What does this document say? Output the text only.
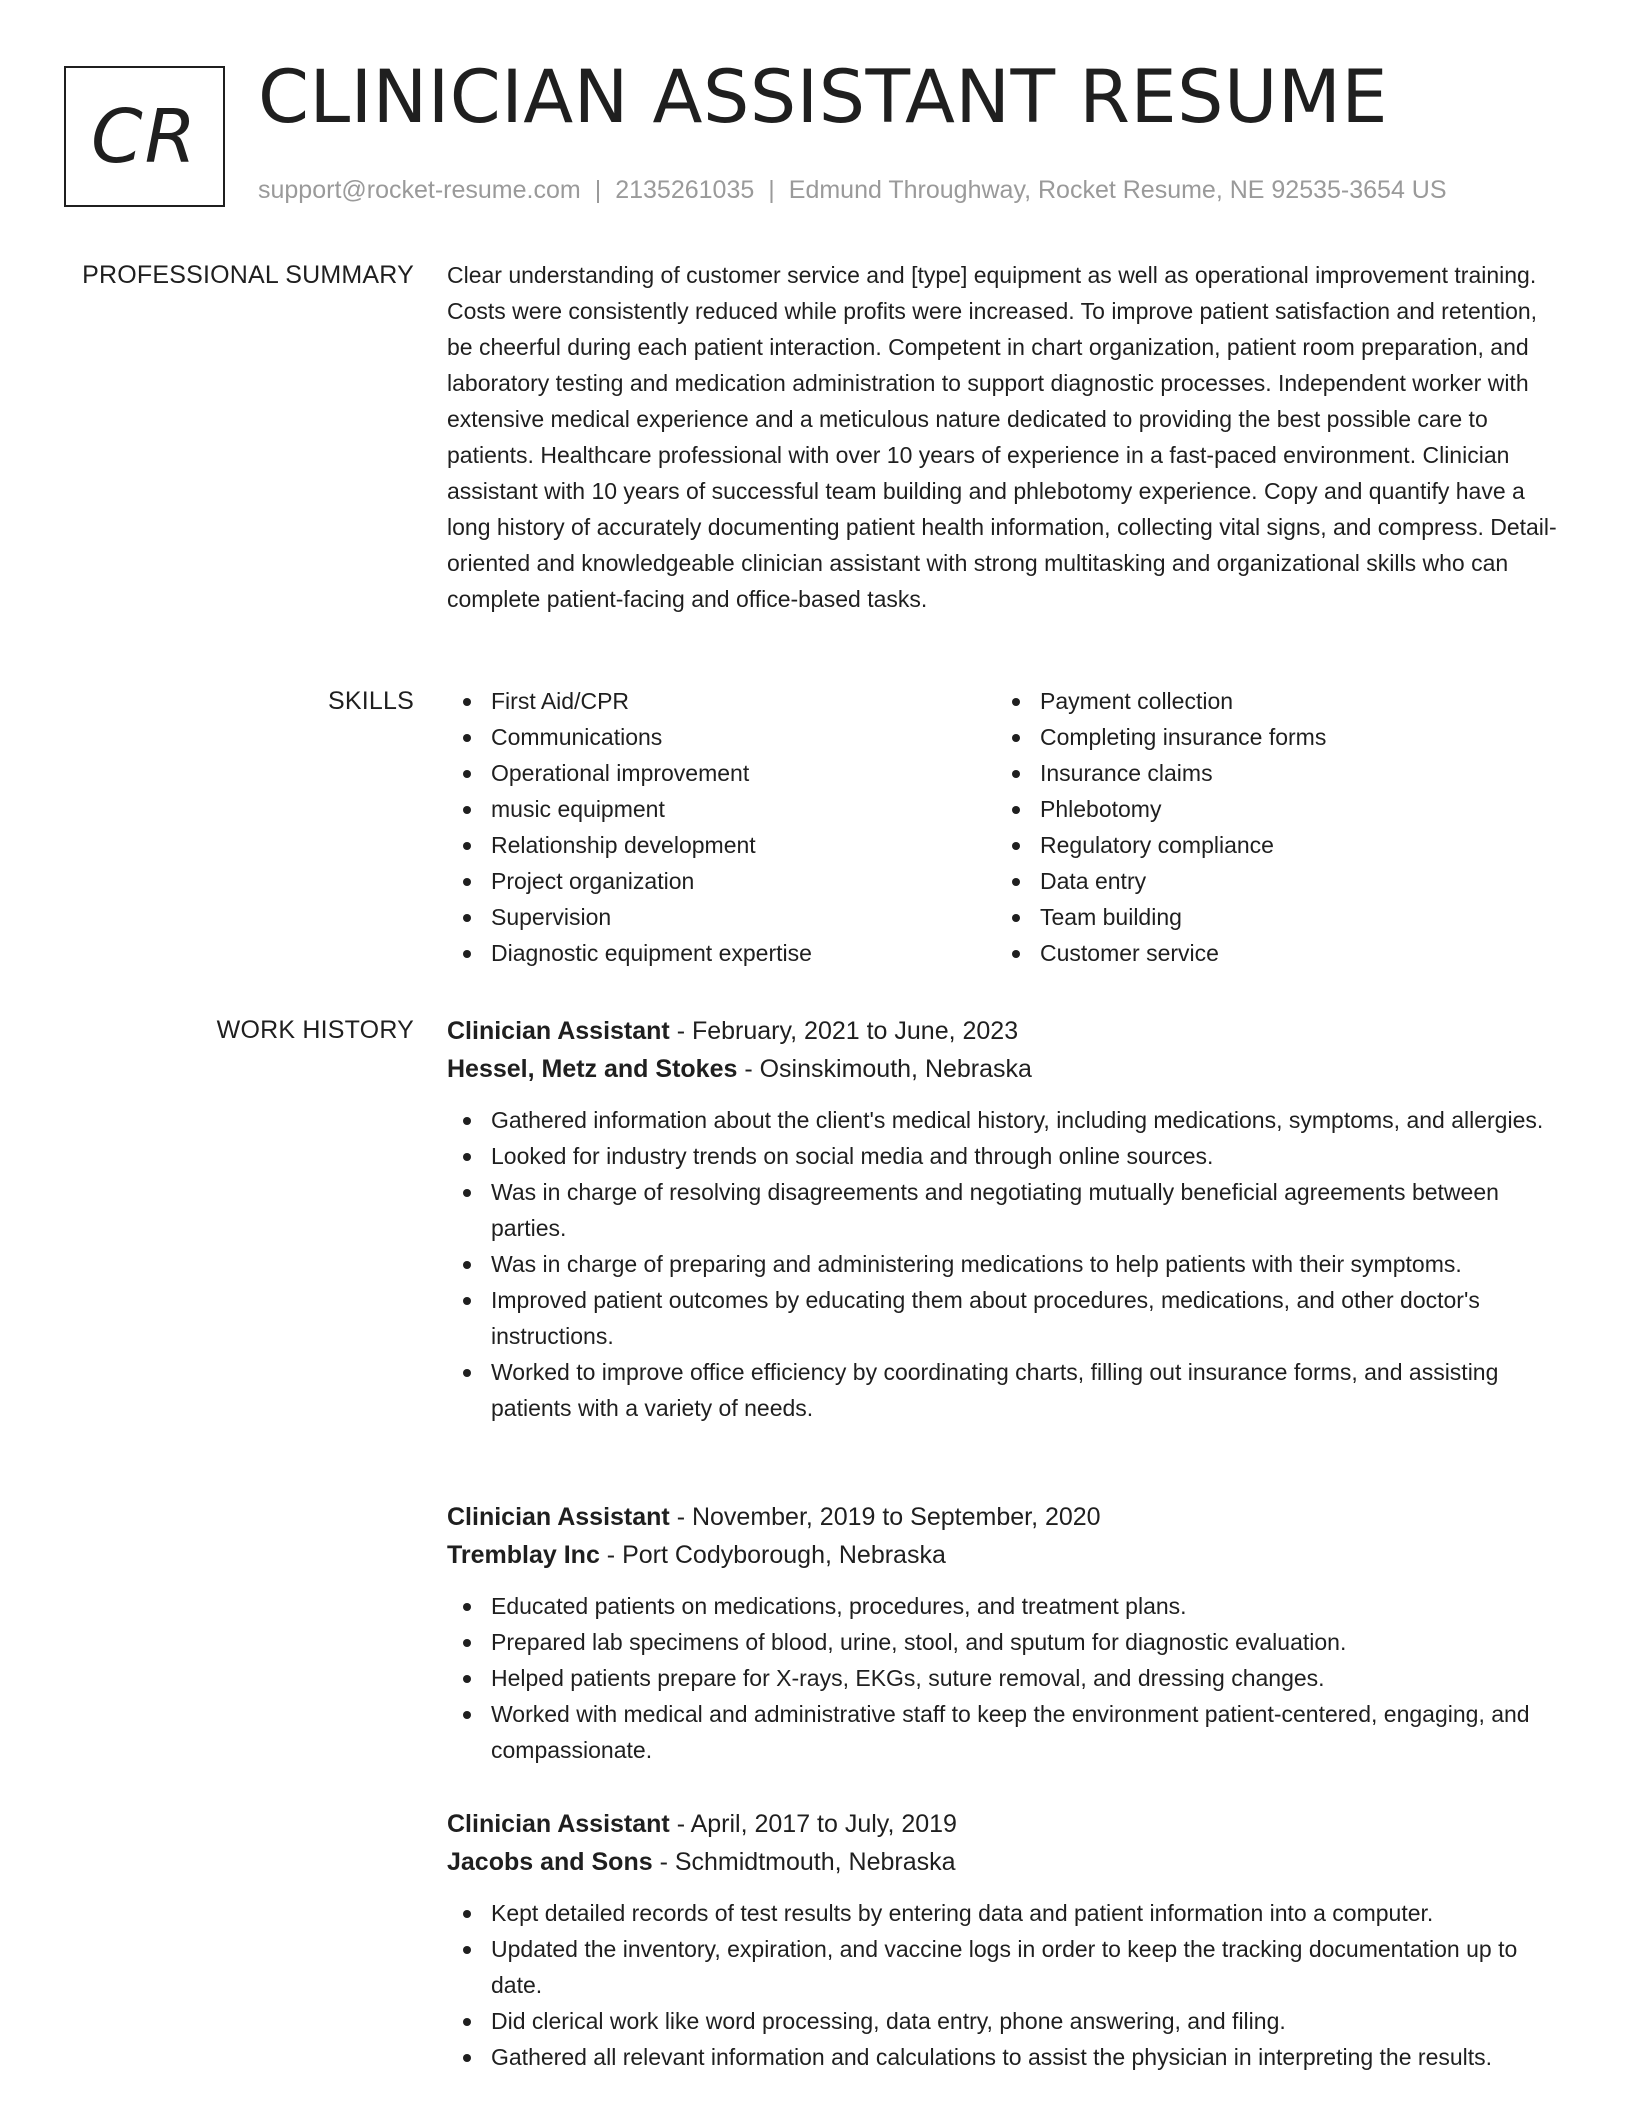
CR CLINICIAN ASSISTANT RESUME
support@rocket-resume.com | 2135261035 | Edmund Throughway, Rocket Resume, NE 92535-3654 US
PROFESSIONAL SUMMARY Clear understanding of customer service and [type] equipment as well as operational improvement training. Costs were consistently reduced while profits were increased. To improve patient satisfaction and retention, be cheerful during each patient interaction. Competent in chart organization, patient room preparation, and laboratory testing and medication administration to support diagnostic processes. Independent worker with extensive medical experience and a meticulous nature dedicated to providing the best possible care to patients. Healthcare professional with over 10 years of experience in a fast-paced environment. Clinician assistant with 10 years of successful team building and phlebotomy experience. Copy and quantify have a long history of accurately documenting patient health information, collecting vital signs, and compress. Detail-oriented and knowledgeable clinician assistant with strong multitasking and organizational skills who can complete patient-facing and office-based tasks.

SKILLS	First Aid/CPR
Communications
Operational improvement
music equipment
Relationship development
Project organization
Supervision
Diagnostic equipment expertise
Payment collection
Completing insurance forms
Insurance claims
Phlebotomy
Regulatory compliance
Data entry
Team building
Customer service
WORK HISTORY Clinician Assistant - February, 2021 to June, 2023
Hessel, Metz and Stokes - Osinskimouth, Nebraska
Gathered information about the client's medical history, including medications, symptoms, and allergies.
Looked for industry trends on social media and through online sources.
Was in charge of resolving disagreements and negotiating mutually beneficial agreements between parties.
Was in charge of preparing and administering medications to help patients with their symptoms.
Improved patient outcomes by educating them about procedures, medications, and other doctor's instructions.
Worked to improve office efficiency by coordinating charts, filling out insurance forms, and assisting patients with a variety of needs.
Clinician Assistant - November, 2019 to September, 2020
Tremblay Inc - Port Codyborough, Nebraska
Educated patients on medications, procedures, and treatment plans.
Prepared lab specimens of blood, urine, stool, and sputum for diagnostic evaluation.
Helped patients prepare for X-rays, EKGs, suture removal, and dressing changes.
Worked with medical and administrative staff to keep the environment patient-centered, engaging, and compassionate.
Clinician Assistant - April, 2017 to July, 2019
Jacobs and Sons - Schmidtmouth, Nebraska
Kept detailed records of test results by entering data and patient information into a computer.
Updated the inventory, expiration, and vaccine logs in order to keep the tracking documentation up to date.
Did clerical work like word processing, data entry, phone answering, and filing.
Gathered all relevant information and calculations to assist the physician in interpreting the results.
